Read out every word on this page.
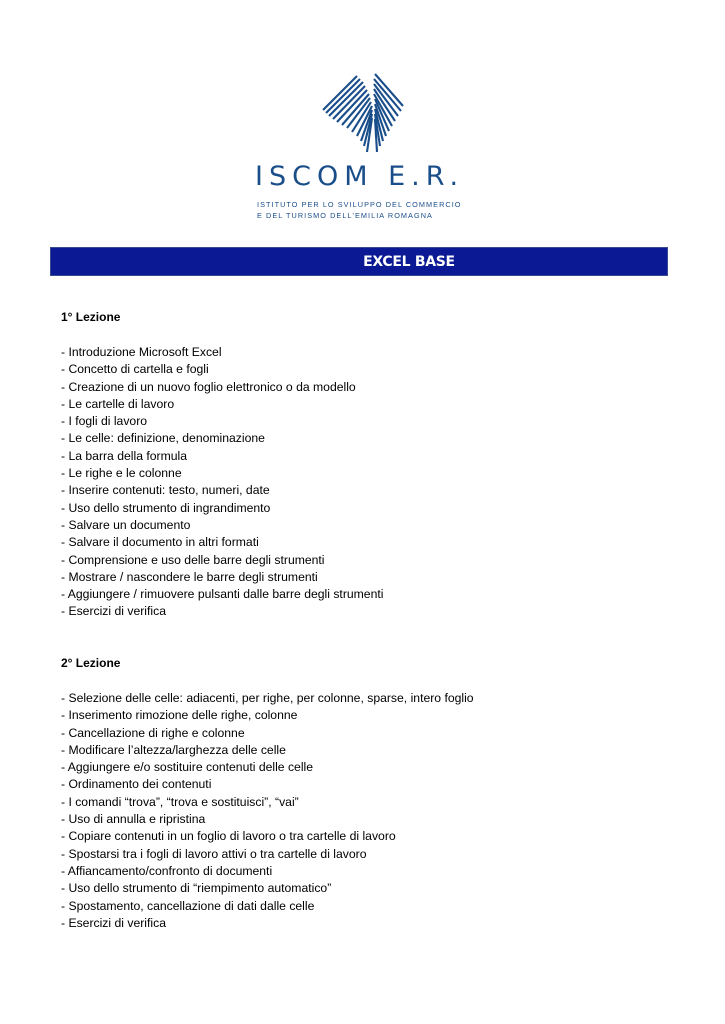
ISCOM E.R.
ISTITUTO PER LO SVILUPPO DEL COMMERCIO
E DEL TURISMO DELL'EMILIA ROMAGNA
EXCEL BASE
1° Lezione
- Introduzione Microsoft Excel
- Concetto di cartella e fogli
- Creazione di un nuovo foglio elettronico o da modello
- Le cartelle di lavoro
- I fogli di lavoro
- Le celle: definizione, denominazione
- La barra della formula
- Le righe e le colonne
- Inserire contenuti: testo, numeri, date
- Uso dello strumento di ingrandimento
- Salvare un documento
- Salvare il documento in altri formati
- Comprensione e uso delle barre degli strumenti
- Mostrare / nascondere le barre degli strumenti
- Aggiungere / rimuovere pulsanti dalle barre degli strumenti
- Esercizi di verifica
2° Lezione
- Selezione delle celle: adiacenti, per righe, per colonne, sparse, intero foglio
- Inserimento rimozione delle righe, colonne
- Cancellazione di righe e colonne
- Modificare l’altezza/larghezza delle celle
- Aggiungere e/o sostituire contenuti delle celle
- Ordinamento dei contenuti
- I comandi “trova”, “trova e sostituisci”, “vai”
- Uso di annulla e ripristina
- Copiare contenuti in un foglio di lavoro o tra cartelle di lavoro
- Spostarsi tra i fogli di lavoro attivi o tra cartelle di lavoro
- Affiancamento/confronto di documenti
- Uso dello strumento di “riempimento automatico”
- Spostamento, cancellazione di dati dalle celle
- Esercizi di verifica
